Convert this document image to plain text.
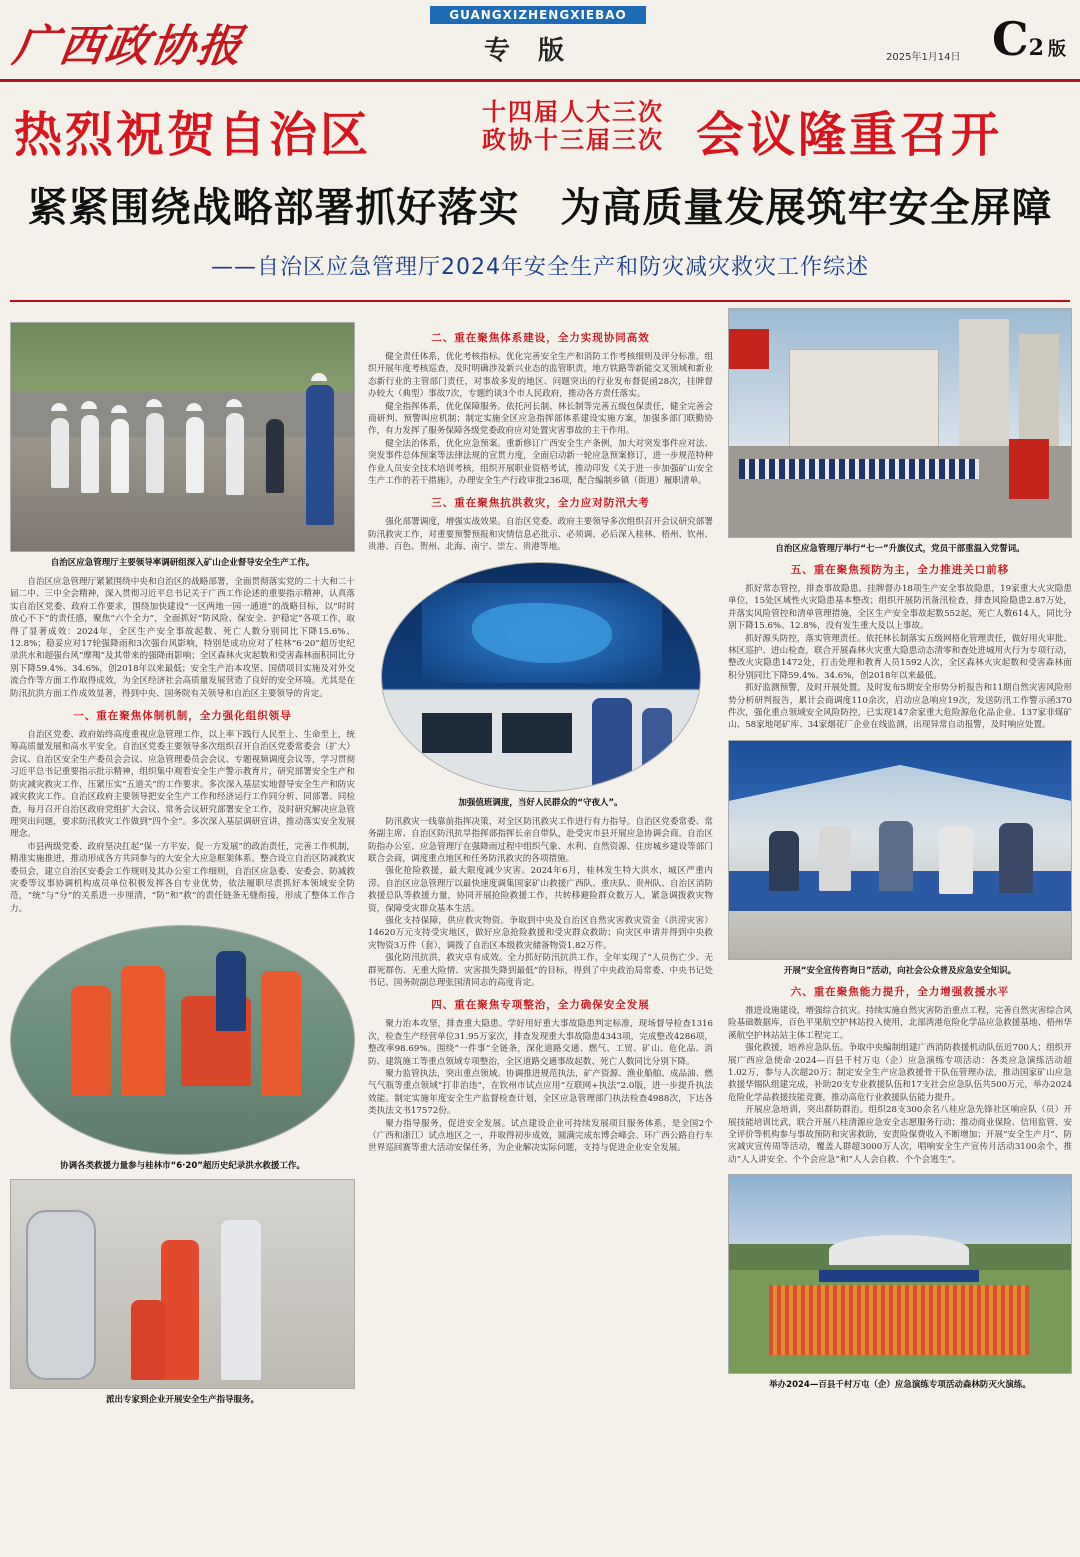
广西政协报
GUANGXIZHENGXIEBAO
专版	2025年1月14日 C2 版
热烈祝贺自治区	十四届人大三次
政协十三届三次 会议隆重召开
紧紧围绕战略部署抓好落实　为高质量发展筑牢安全屏障
——自治区应急管理厅2024年安全生产和防灾减灾救灾工作综述
自治区应急管理厅主要领导率调研组深入矿山企业督导安全生产工作。
自治区应急管理厅紧紧围绕中央和自治区的战略部署，全面贯彻落实党的二十大和二十届二中、三中全会精神，深入贯彻习近平总书记关于广西工作论述的重要指示精神，认真落实自治区党委、政府工作要求，围绕加快建设“一区两地一园一通道”的战略目标，以“时时放心不下”的责任感，聚焦“六个全力”，全面抓好“防风险、保安全、护稳定”各项工作，取得了显著成效：2024年，全区生产安全事故起数、死亡人数分别同比下降15.6%、12.8%；稳妥应对17轮强降雨和3次强台风影响，特别是成功应对了柱林“6·20”超历史纪录洪水和超强台风“摩羯”及其带来的强降雨影响；全区森林火灾起数和受害森林面积同比分别下降59.4%、34.6%，创2018年以来最低；安全生产治本攻坚、国债项目实施及对外交流合作等方面工作取得成效，为全区经济社会高质量发展营造了良好的安全环境。尤其是在防汛抗洪方面工作成效显著，得到中央、国务院有关领导和自治区主要领导的肯定。
一、重在聚焦体制机制，全力强化组织领导
自治区党委、政府始终高度重视应急管理工作，以上率下践行人民至上、生命至上，统筹高质量发展和高水平安全。自治区党委主要领导多次组织召开自治区党委常委会（扩大）会议、自治区安全生产委员会会议、应急管理委员会会议、专题视频调度会议等，学习贯彻习近平总书记重要指示批示精神，组织集中观看安全生产警示教育片，研究部署安全生产和防灾减灾救灾工作，压紧压实“五道关”的工作要求。多次深入基层实地督导安全生产和防灾减灾救灾工作。自治区政府主要领导把安全生产工作和经济运行工作同分析、同部署、同检查，每月召开自治区政府党组扩大会议、常务会议研究部署安全工作，及时研究解决应急管理突出问题，要求防汛救灾工作做到“四个全”。多次深入基层调研宣讲，推动落实安全发展理念。
市县两级党委、政府坚决扛起“保一方平安、促一方发展”的政治责任，完善工作机制，精准实施推进，推动形成各方共同参与的大安全大应急框架体系。整合设立自治区防减救灾委员会，建立自治区安委会工作规则及其办公室工作细则，自治区应急委、安委会、防减救灾委等议事协调机构成员单位积极发挥各自专业优势，依法履职尽责抓好本领域安全防范，“统”与“分”的关系进一步厘清，“防”和“救”的责任链条无缝衔接，形成了整体工作合力。
协调各类救援力量参与桂林市“6·20”超历史纪录洪水救援工作。
派出专家到企业开展安全生产指导服务。
二、重在聚焦体系建设，全力实现协同高效
健全责任体系，优化考核指标。优化完善安全生产和消防工作考核细则及评分标准，组织开展年度考核巡查，及时明确涉及新兴业态的监管职责，地方铁路等新能交叉领域和新业态新行业的主管部门责任，对事故多发的地区、问题突出的行业发布督促函28次，挂牌督办较大（典型）事故7次，专题约谈3个市人民政府，推动各方责任落实。
健全指挥体系，优化保障服务。依托河长制、林长制等完善五级包保责任，健全完善会商研判、预警叫应机制；制定实施全区应急指挥部体系建设实施方案，加强多部门联勤协作，有力发挥了服务保障各级党委政府应对处置灾害事故的主干作用。
健全法治体系，优化应急预案。重新修订广西安全生产条例，加大对突发事件应对法、突发事件总体预案等法律法规的宣贯力度，全面启动新一轮应急预案修订，进一步规范特种作业人员安全技术培训考核，组织开展职业资格考试，推动印发《关于进一步加强矿山安全生产工作的若干措施》，办理安全生产行政审批236项，配合编制乡镇（街道）履职清单。
三、重在聚焦抗洪救灾，全力应对防汛大考
强化部署调度，增强实战效果。自治区党委、政府主要领导多次组织召开会议研究部署防汛救灾工作，对重要预警预报和灾情信息必批示、必须调、必后深入桂林、梧州、钦州、贵港、百色、贺州、北海、南宁、崇左、贵港等地。
加强值班调度，当好人民群众的“守夜人”。
防汛救灾一线靠前指挥决策，对全区防汛救灾工作进行有力指导。自治区党委常委、常务副主席、自治区防汛抗旱指挥部指挥长亲自带队，赴受灾市县开展应急协调会商。自治区防指办公室、应急管理厅在强降雨过程中组织气象、水利、自然资源、住房城乡建设等部门联合会商，调度重点地区和任务防汛救灾的各项措施。
强化抢险救援，最大限度减少灾害。2024年6月，桂林发生特大洪水，城区严重内涝。自治区应急管理厅以最快速度调集国家矿山救援广西队、重庆队、贵州队、自治区消防救援总队等救援力量，协同开展抢险救援工作，共转移避险群众数万人，紧急调拨救灾物资，保障受灾群众基本生活。
强化支持保障，供应救灾物资。争取到中央及自治区自然灾害救灾资金（洪涝灾害）14620万元支持受灾地区，做好应急抢险救援和受灾群众救助；向灾区申请并得到中央救灾物资3万件（套），调拨了自治区本级救灾储备物资1.82万件。
强化防汛抗洪，救灾卓有成效。全力抓好防汛抗洪工作，全年实现了“人员伤亡少、无群死群伤、无重大险情、灾害损失降到最低”的目标，得到了中央政治局常委、中央书记处书记、国务院副总理张国清同志的高度肯定。
四、重在聚焦专项整治，全力确保安全发展
聚力治本攻坚，排查重大隐患。学好用好重大事故隐患判定标准，现场督导检查1316次，检查生产经营单位31.95万家次，排查发现重大事故隐患4343项，完成整改4286项，整改率98.69%。围绕“一件事”全链条，深化道路交通、燃气、工贸、矿山、危化品、消防、建筑施工等重点领域专项整治，全区道路交通事故起数、死亡人数同比分别下降。
聚力监管执法，突出重点领域。协调推进规范执法，矿产资源、渔业船舶、成品油、燃气气瓶等重点领域“打非治违”，在钦州市试点应用“互联网+执法”2.0版，进一步提升执法效能。制定实施年度安全生产监督检查计划，全区应急管理部门执法检查4988次，下达各类执法文书17572份。
聚力指导服务，促进安全发展。试点建设企业可持续发展项目服务体系，是全国2个（广西和浙江）试点地区之一，并取得初步成效，圆满完成东博会峰会、环广西公路自行车世界巡回赛等重大活动安保任务，为企业解决实际问题，支持与促进企业安全发展。
自治区应急管理厅举行“七一”升旗仪式，党员干部重温入党誓词。
五、重在聚焦预防为主，全力推进关口前移
抓好常态管控，排查事故隐患。挂牌督办18项生产安全事故隐患，19家重大火灾隐患单位，15处区域性火灾隐患基本整改；组织开展防汛备汛检查，排查风险隐患2.87万处，并落实风险管控和清单管理措施，全区生产安全事故起数552起，死亡人数614人，同比分别下降15.6%、12.8%，没有发生重大及以上事故。
抓好源头防控，落实管理责任。依托林长制落实五级网格化管理责任，做好用火审批、林区巡护、进山检查，联合开展森林火灾重大隐患动态清零和查处进城用火行为专项行动，整改火灾隐患1472处，打击处理和教育人员1592人次，全区森林火灾起数和受害森林面积分别同比下降59.4%、34.6%，创2018年以来最低。
抓好监测预警，及时开展处置。及时发布5期安全形势分析报告和11期自然灾害风险形势分析研判报告，累计会商调度110余次，启动应急响应19次，发送防汛工作警示函370件次，强化重点领域安全风险防控，已实现147余家重大危险源危化品企业、137家非煤矿山、58家地尾矿库、34家烟花厂企业在线监测，出现异常自动报警，及时响应处置。
开展“安全宣传咨询日”活动，向社会公众普及应急安全知识。
六、重在聚焦能力提升，全力增强救援水平
推进设施建设，增强综合抗灾。持续实施自然灾害防治重点工程，完善自然灾害综合风险基础数据库，百色平果航空护林站投入使用，北部湾港危险化学品应急救援基地、梧州华溪航空护林站站主体工程完工。
强化救援，培养应急队伍。争取中央编制组建广西消防救援机动队伍近700人；组织开展广西应急使命·2024—百县千村万屯（企）应急演练专项活动：各类应急演练活动超1.02万，参与人次超20万；制定安全生产应急救援骨干队伍管理办法，推动国家矿山应急救援华锡队组建完成，补助20支专业救援队伍和17支社会应急队伍共500万元，举办2024危险化学品救援技能竞赛，推动高危行业救援队伍能力提升。
开展应急培训，突出群防群治。组织28支300余名八桂应急先锋社区响应队（员）开展技能培训比武，联合开展八桂清源应急安全志愿服务行动；推动商业保险、信用监管、安全评价等机构参与事故预防和灾害救助，安责险保费收入不断增加；开展“安全生产月”、防灾减灾宣传周等活动，覆盖人群超3000万人次，唱响安全生产宣传月活动3100余个，推动“人人讲安全、个个会应急”和“人人会自救、个个会逃生”。
举办2024—百县千村万屯（企）应急演练专项活动森林防灭火演练。
